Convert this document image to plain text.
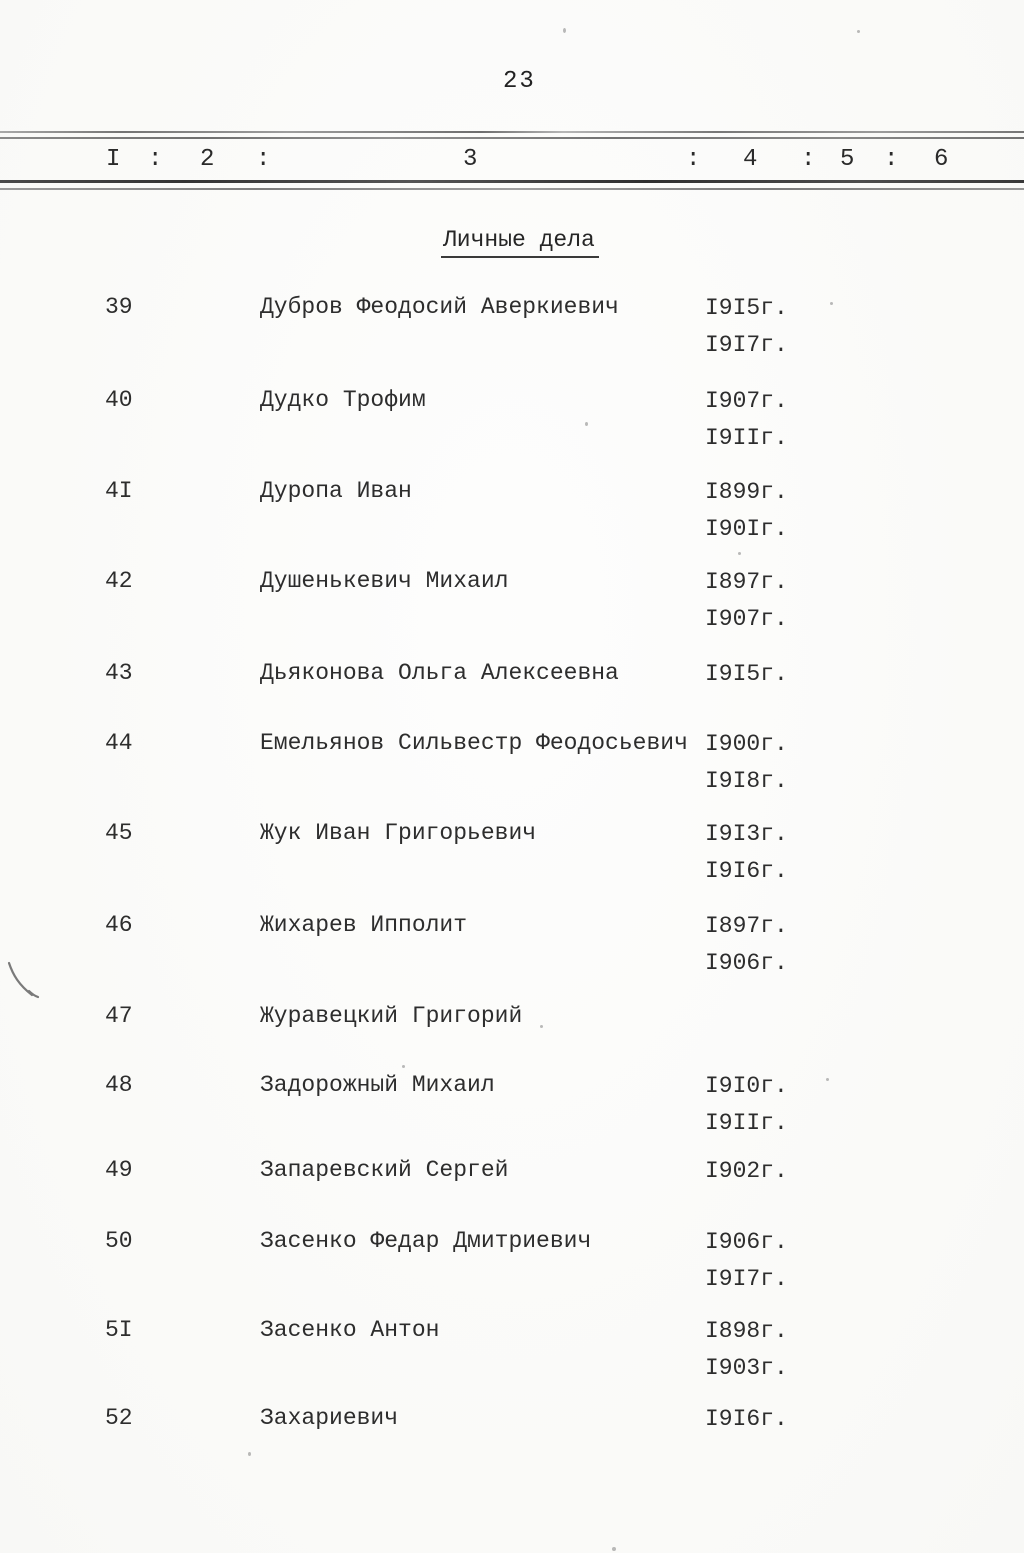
23
I : 2 :	3	: 4 : 5 : 6
Личные дела
39	Дубров Феодосий Аверкиевич	I9I5г.
I9I7г.
40	Дудко Трофим	I907г.
I9IIг.
4I	Дуропа Иван	I899г.
I90Iг.
42	Душенькевич Михаил	I897г.
I907г.
43	Дьяконова Ольга Алексеевна	I9I5г.
44	Емельянов Сильвестр Феодосьевич I900г.
I9I8г.
45	Жук Иван Григорьевич	I9I3г.
I9I6г.
46	Жихарев Ипполит	I897г.
I906г.
47	Журавецкий Григорий
48	Задорожный Михаил	I9I0г.
I9IIг.
49	Запаревский Сергей	I902г.
50	Засенко Федар Дмитриевич	I906г.
I9I7г.
5I	Засенко Антон	I898г.
I903г.
52	Захариевич	I9I6г.
